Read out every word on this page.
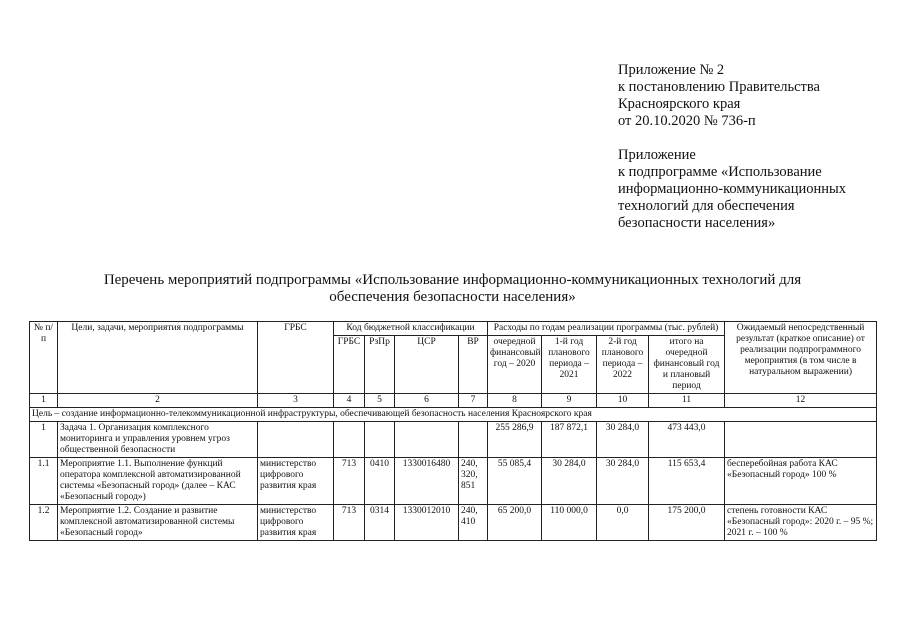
Приложение № 2
к постановлению Правительства
Красноярского края
от 20.10.2020 № 736-п
Приложение
к подпрограмме «Использование
информационно-коммуникационных
технологий для обеспечения
безопасности населения»
Перечень мероприятий подпрограммы «Использование информационно-коммуникационных технологий для
обеспечения безопасности населения»
№ п/п	Цели, задачи, мероприятия подпрограммы	ГРБС	Код бюджетной классификации				Расходы по годам реализации программы (тыс. рублей)				Ожидаемый непосредственный результат (краткое описание) от реализации подпрограммного мероприятия (в том числе в натуральном выражении)
			ГРБС	РзПр	ЦСР	ВР	очередной финансовый год – 2020	1-й год планового периода – 2021	2-й год планового периода – 2022	итого на очередной финансовый год и плановый период	
1	2	3	4	5	6	7	8	9	10	11	12
Цель – создание информационно-телекоммуникационной инфраструктуры, обеспечивающей безопасность населения Красноярского края											
1	Задача 1. Организация комплексного мониторинга и управления уровнем угроз общественной безопасности						255 286,9	187 872,1	30 284,0	473 443,0	
1.1	Мероприятие 1.1. Выполнение функций оператора комплексной автоматизированной системы «Безопасный город» (далее – КАС «Безопасный город»)	министерство цифрового развития края	713	0410	1330016480	240, 320, 851	55 085,4	30 284,0	30 284,0	115 653,4	бесперебойная работа КАС «Безопасный город» 100 %
1.2	Мероприятие 1.2. Создание и развитие комплексной автоматизированной системы «Безопасный город»	министерство цифрового развития края	713	0314	1330012010	240, 410	65 200,0	110 000,0	0,0	175 200,0	степень готовности КАС «Безопасный город»: 2020 г. – 95 %; 2021 г. – 100 %
